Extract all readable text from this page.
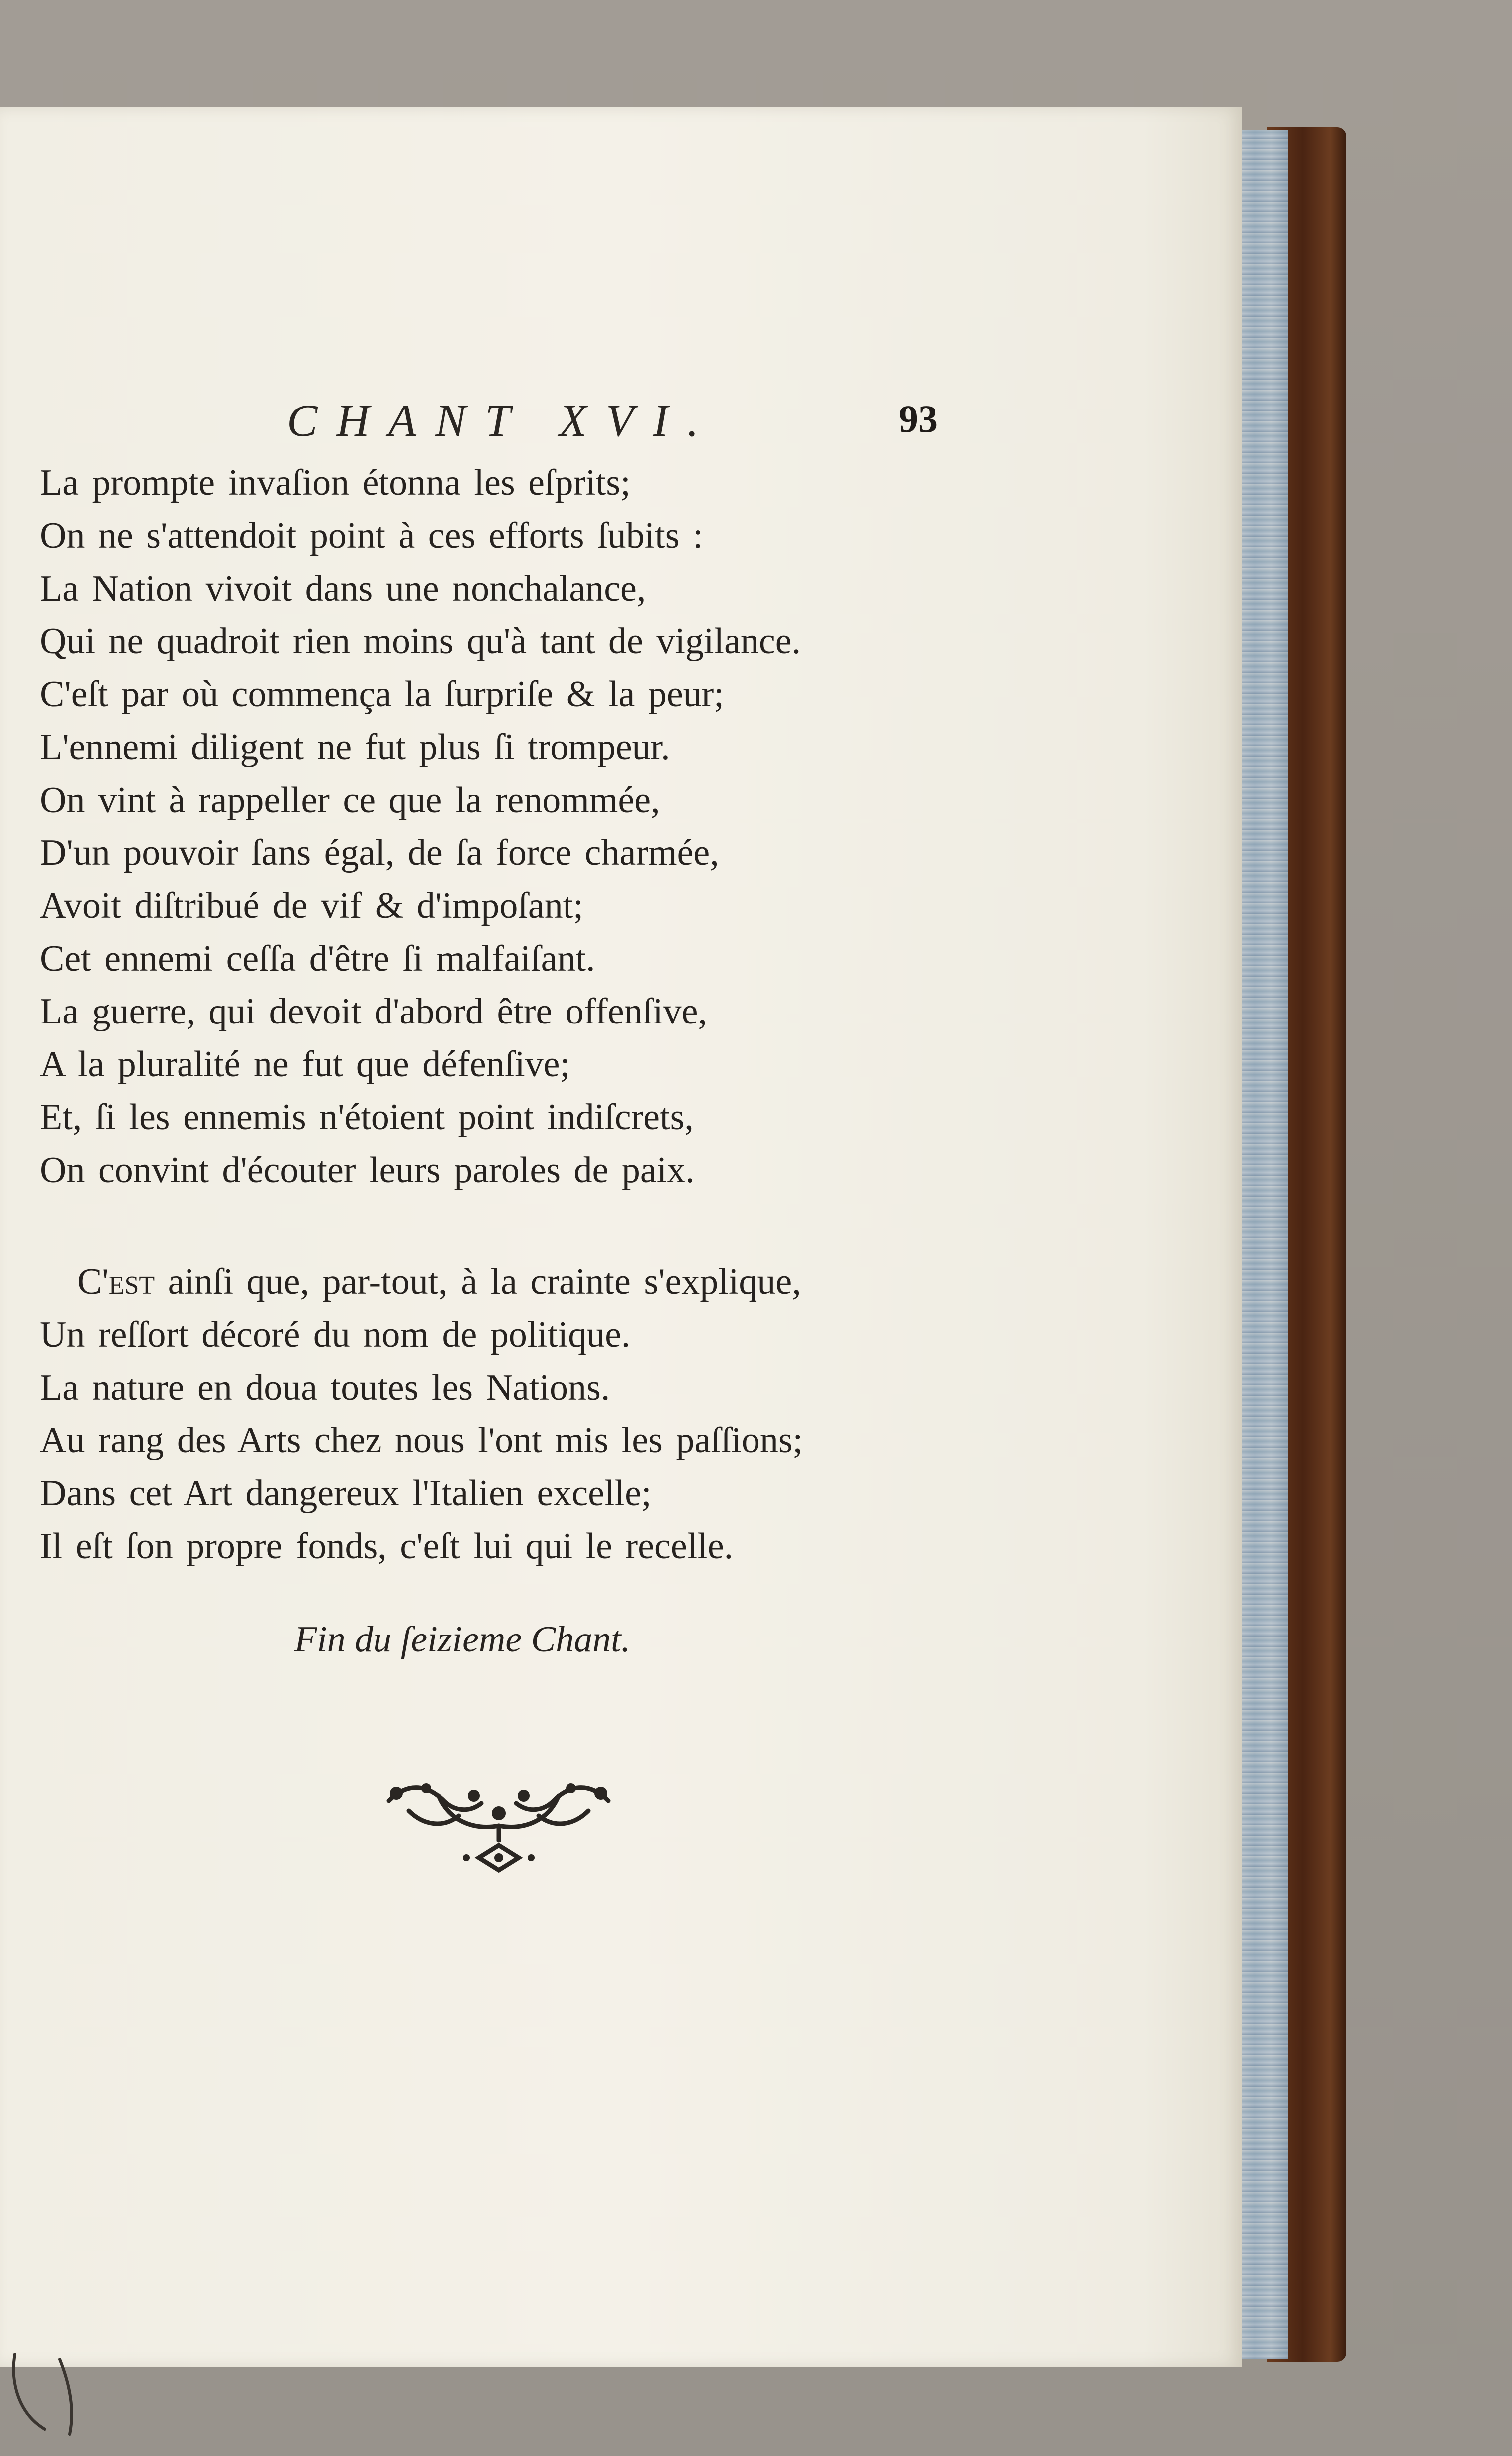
CHANT XVI.	93
La prompte invaſion étonna les eſprits;
On ne s'attendoit point à ces efforts ſubits :
La Nation vivoit dans une nonchalance,
Qui ne quadroit rien moins qu'à tant de vigilance.
C'eſt par où commença la ſurpriſe & la peur;
L'ennemi diligent ne fut plus ſi trompeur.
On vint à rappeller ce que la renommée,
D'un pouvoir ſans égal, de ſa force charmée,
Avoit diſtribué de vif & d'impoſant;
Cet ennemi ceſſa d'être ſi malfaiſant.
La guerre, qui devoit d'abord être offenſive,
A la pluralité ne fut que défenſive;
Et, ſi les ennemis n'étoient point indiſcrets,
On convint d'écouter leurs paroles de paix.
C'est ainſi que, par-tout, à la crainte s'explique,
Un reſſort décoré du nom de politique.
La nature en doua toutes les Nations.
Au rang des Arts chez nous l'ont mis les paſſions;
Dans cet Art dangereux l'Italien excelle;
Il eſt ſon propre fonds, c'eſt lui qui le recelle.

Fin du ſeizieme Chant.
